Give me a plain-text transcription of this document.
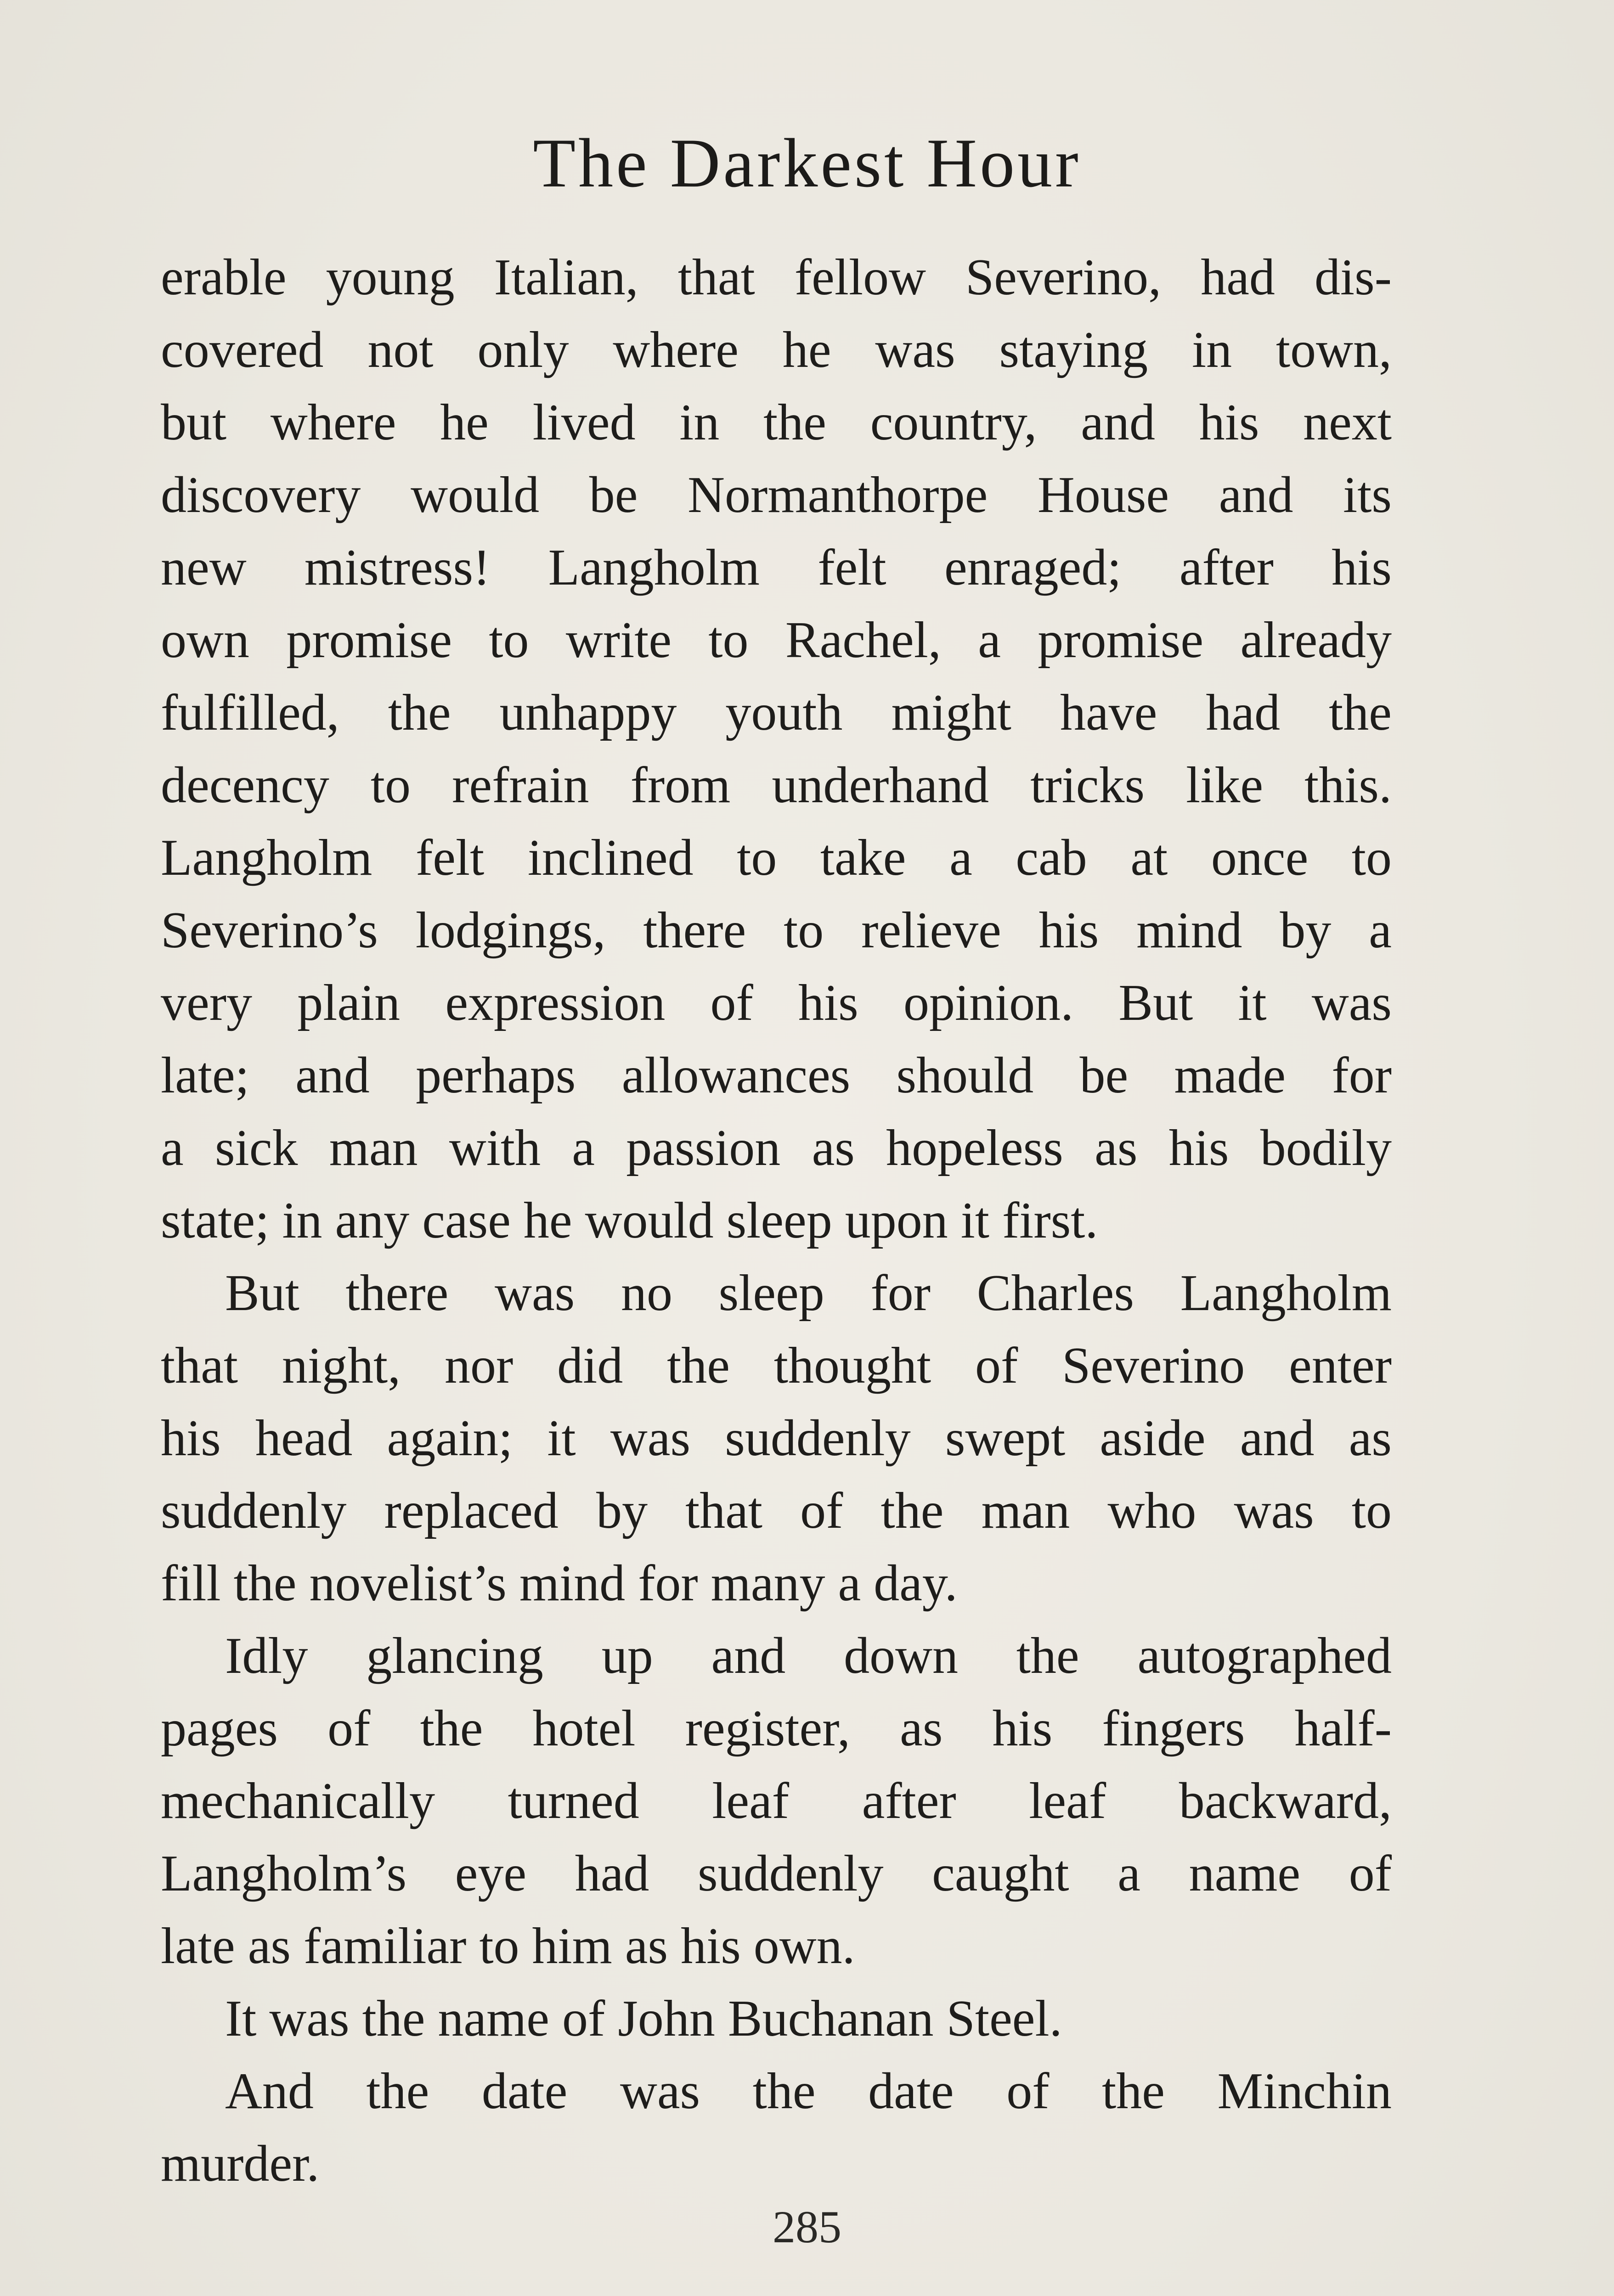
The Darkest Hour
erable young Italian, that fellow Severino, had dis-
covered not only where he was staying in town,
but where he lived in the country, and his next
discovery would be Normanthorpe House and its
new mistress! Langholm felt enraged; after his
own promise to write to Rachel, a promise already
fulfilled, the unhappy youth might have had the
decency to refrain from underhand tricks like this.
Langholm felt inclined to take a cab at once to
Severino’s lodgings, there to relieve his mind by a
very plain expression of his opinion. But it was
late; and perhaps allowances should be made for
a sick man with a passion as hopeless as his bodily
state; in any case he would sleep upon it first.
But there was no sleep for Charles Langholm
that night, nor did the thought of Severino enter
his head again; it was suddenly swept aside and as
suddenly replaced by that of the man who was to
fill the novelist’s mind for many a day.
Idly glancing up and down the autographed
pages of the hotel register, as his fingers half-
mechanically turned leaf after leaf backward,
Langholm’s eye had suddenly caught a name of
late as familiar to him as his own.
It was the name of John Buchanan Steel.
And the date was the date of the Minchin
murder.
285
